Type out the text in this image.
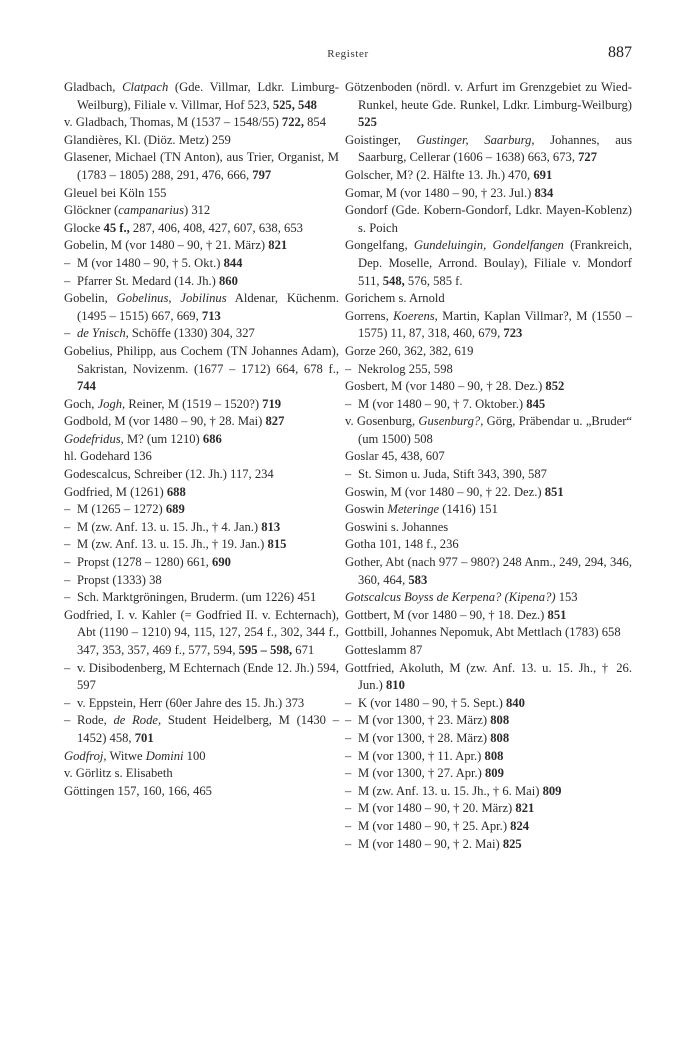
Register	887

Gladbach, Clatpach (Gde. Villmar, Ldkr. Limburg-Weilburg), Filiale v. Villmar, Hof 523, 525, 548

v. Gladbach, Thomas, M (1537 – 1548/55) 722, 854

Glandières, Kl. (Diöz. Metz) 259

Glasener, Michael (TN Anton), aus Trier, Organist, M (1783 – 1805) 288, 291, 476, 666, 797

Gleuel bei Köln 155

Glöckner (campanarius) 312

Glocke 45 f., 287, 406, 408, 427, 607, 638, 653

Gobelin, M (vor 1480 – 90, † 21. März) 821

– M (vor 1480 – 90, † 5. Okt.) 844

– Pfarrer St. Medard (14. Jh.) 860

Gobelin, Gobelinus, Jobilinus Aldenar, Küchenm. (1495 – 1515) 667, 669, 713

– de Ynisch, Schöffe (1330) 304, 327

Gobelius, Philipp, aus Cochem (TN Johannes Adam), Sakristan, Novizenm. (1677 – 1712) 664, 678 f., 744

Goch, Jogh, Reiner, M (1519 – 1520?) 719

Godbold, M (vor 1480 – 90, † 28. Mai) 827

Godefridus, M? (um 1210) 686

hl. Godehard 136

Godescalcus, Schreiber (12. Jh.) 117, 234

Godfried, M (1261) 688

– M (1265 – 1272) 689

– M (zw. Anf. 13. u. 15. Jh., † 4. Jan.) 813

– M (zw. Anf. 13. u. 15. Jh., † 19. Jan.) 815

– Propst (1278 – 1280) 661, 690

– Propst (1333) 38

– Sch. Marktgröningen, Bruderm. (um 1226) 451

Godfried, I. v. Kahler (= Godfried II. v. Echternach), Abt (1190 – 1210) 94, 115, 127, 254 f., 302, 344 f., 347, 353, 357, 469 f., 577, 594, 595 – 598, 671

– v. Disibodenberg, M Echternach (Ende 12. Jh.) 594, 597

– v. Eppstein, Herr (60er Jahre des 15. Jh.) 373

– Rode, de Rode, Student Heidelberg, M (1430 – 1452) 458, 701

Godfroj, Witwe Domini 100

v. Görlitz s. Elisabeth

Göttingen 157, 160, 166, 465

Götzenboden (nördl. v. Arfurt im Grenzgebiet zu Wied-Runkel, heute Gde. Runkel, Ldkr. Limburg-Weilburg) 525

Goistinger, Gustinger, Saarburg, Johannes, aus Saarburg, Cellerar (1606 – 1638) 663, 673, 727

Golscher, M? (2. Hälfte 13. Jh.) 470, 691

Gomar, M (vor 1480 – 90, † 23. Jul.) 834

Gondorf (Gde. Kobern-Gondorf, Ldkr. Mayen-Koblenz) s. Poich

Gongelfang, Gundeluingin, Gondelfangen (Frankreich, Dep. Moselle, Arrond. Boulay), Filiale v. Mondorf 511, 548, 576, 585 f.

Gorichem s. Arnold

Gorrens, Koerens, Martin, Kaplan Villmar?, M (1550 – 1575) 11, 87, 318, 460, 679, 723

Gorze 260, 362, 382, 619

– Nekrolog 255, 598

Gosbert, M (vor 1480 – 90, † 28. Dez.) 852

– M (vor 1480 – 90, † 7. Oktober.) 845

v. Gosenburg, Gusenburg?, Görg, Präbendar u. „Bruder“ (um 1500) 508

Goslar 45, 438, 607

– St. Simon u. Juda, Stift 343, 390, 587

Goswin, M (vor 1480 – 90, † 22. Dez.) 851

Goswin Meteringe (1416) 151

Goswini s. Johannes

Gotha 101, 148 f., 236

Gother, Abt (nach 977 – 980?) 248 Anm., 249, 294, 346, 360, 464, 583

Gotscalcus Boyss de Kerpena? (Kipena?) 153

Gottbert, M (vor 1480 – 90, † 18. Dez.) 851

Gottbill, Johannes Nepomuk, Abt Mettlach (1783) 658

Gotteslamm 87

Gottfried, Akoluth, M (zw. Anf. 13. u. 15. Jh., † 26. Jun.) 810

– K (vor 1480 – 90, † 5. Sept.) 840

– M (vor 1300, † 23. März) 808

– M (vor 1300, † 28. März) 808

– M (vor 1300, † 11. Apr.) 808

– M (vor 1300, † 27. Apr.) 809

– M (zw. Anf. 13. u. 15. Jh., † 6. Mai) 809

– M (vor 1480 – 90, † 20. März) 821

– M (vor 1480 – 90, † 25. Apr.) 824

– M (vor 1480 – 90, † 2. Mai) 825
